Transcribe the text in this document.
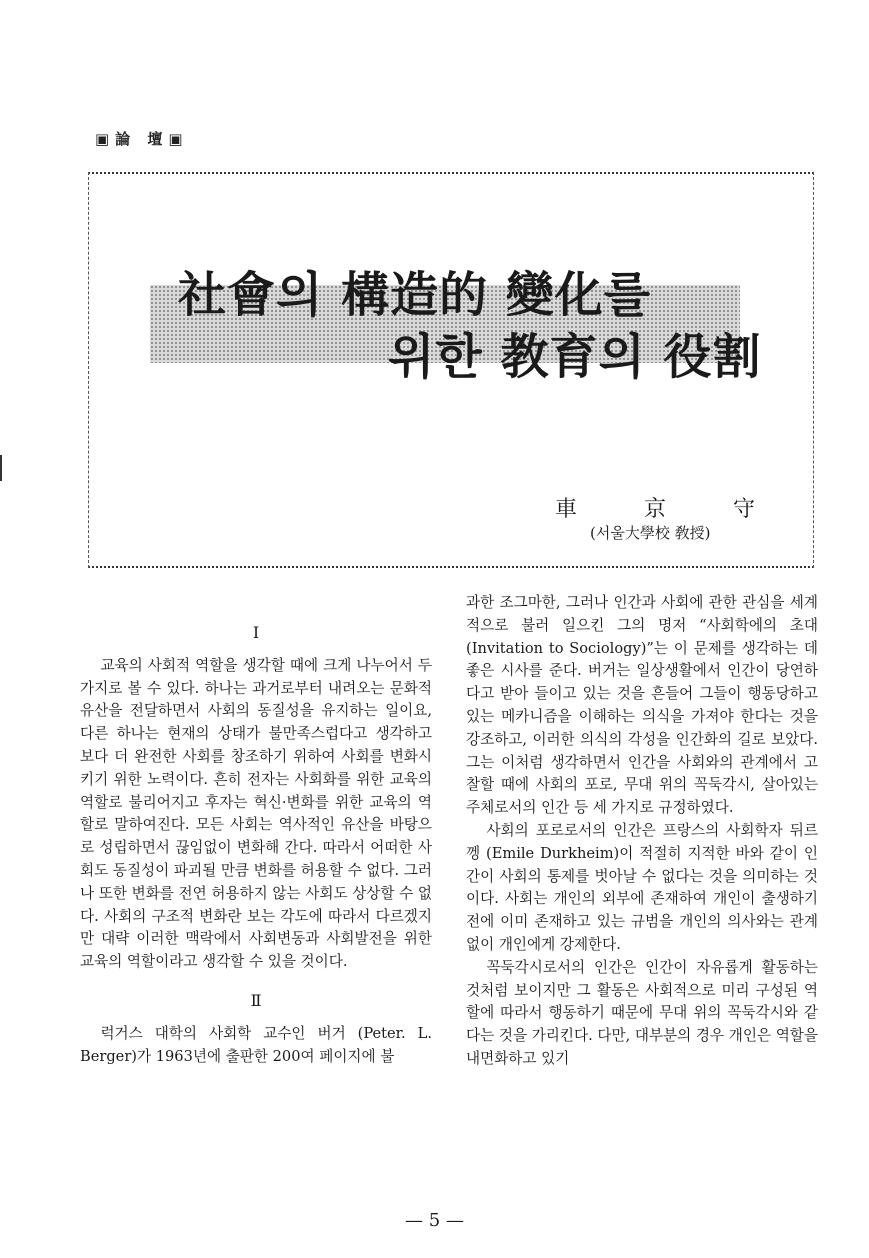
▣論 壇▣
社會의 構造的 變化를
위한 教育의 役割
車	京	守
(서울大學校 敎授)
I

교육의 사회적 역할을 생각할 때에 크게 나누어서 두 가지로 볼 수 있다. 하나는 과거로부터 내려오는 문화적 유산을 전달하면서 사회의 동질성을 유지하는 일이요, 다른 하나는 현재의 상태가 불만족스럽다고 생각하고 보다 더 완전한 사회를 창조하기 위하여 사회를 변화시키기 위한 노력이다. 흔히 전자는 사회화를 위한 교육의 역할로 불리어지고 후자는 혁신·변화를 위한 교육의 역할로 말하여진다. 모든 사회는 역사적인 유산을 바탕으로 성립하면서 끊임없이 변화해 간다. 따라서 어떠한 사회도 동질성이 파괴될 만큼 변화를 허용할 수 없다. 그러나 또한 변화를 전연 허용하지 않는 사회도 상상할 수 없다. 사회의 구조적 변화란 보는 각도에 따라서 다르겠지만 대략 이러한 맥락에서 사회변동과 사회발전을 위한 교육의 역할이라고 생각할 수 있을 것이다.

Ⅱ

럭거스 대학의 사회학 교수인 버거 (Peter. L. Berger)가 1963년에 출판한 200여 페이지에 불

과한 조그마한, 그러나 인간과 사회에 관한 관심을 세계적으로 불러 일으킨 그의 명저 “사회학에의 초대 (Invitation to Sociology)”는 이 문제를 생각하는 데 좋은 시사를 준다. 버거는 일상생활에서 인간이 당연하다고 받아 들이고 있는 것을 흔들어 그들이 행동당하고 있는 메카니즘을 이해하는 의식을 가져야 한다는 것을 강조하고, 이러한 의식의 각성을 인간화의 길로 보았다. 그는 이처럼 생각하면서 인간을 사회와의 관계에서 고찰할 때에 사회의 포로, 무대 위의 꼭둑각시, 살아있는 주체로서의 인간 등 세 가지로 규정하였다.

사회의 포로로서의 인간은 프랑스의 사회학자 뒤르껭 (Emile Durkheim)이 적절히 지적한 바와 같이 인간이 사회의 통제를 벗아날 수 없다는 것을 의미하는 것이다. 사회는 개인의 외부에 존재하여 개인이 출생하기 전에 이미 존재하고 있는 규범을 개인의 의사와는 관계없이 개인에게 강제한다.

꼭둑각시로서의 인간은 인간이 자유롭게 활동하는 것처럼 보이지만 그 활동은 사회적으로 미리 구성된 역할에 따라서 행동하기 때문에 무대 위의 꼭둑각시와 같다는 것을 가리킨다. 다만, 대부분의 경우 개인은 역할을 내면화하고 있기

— 5 —
